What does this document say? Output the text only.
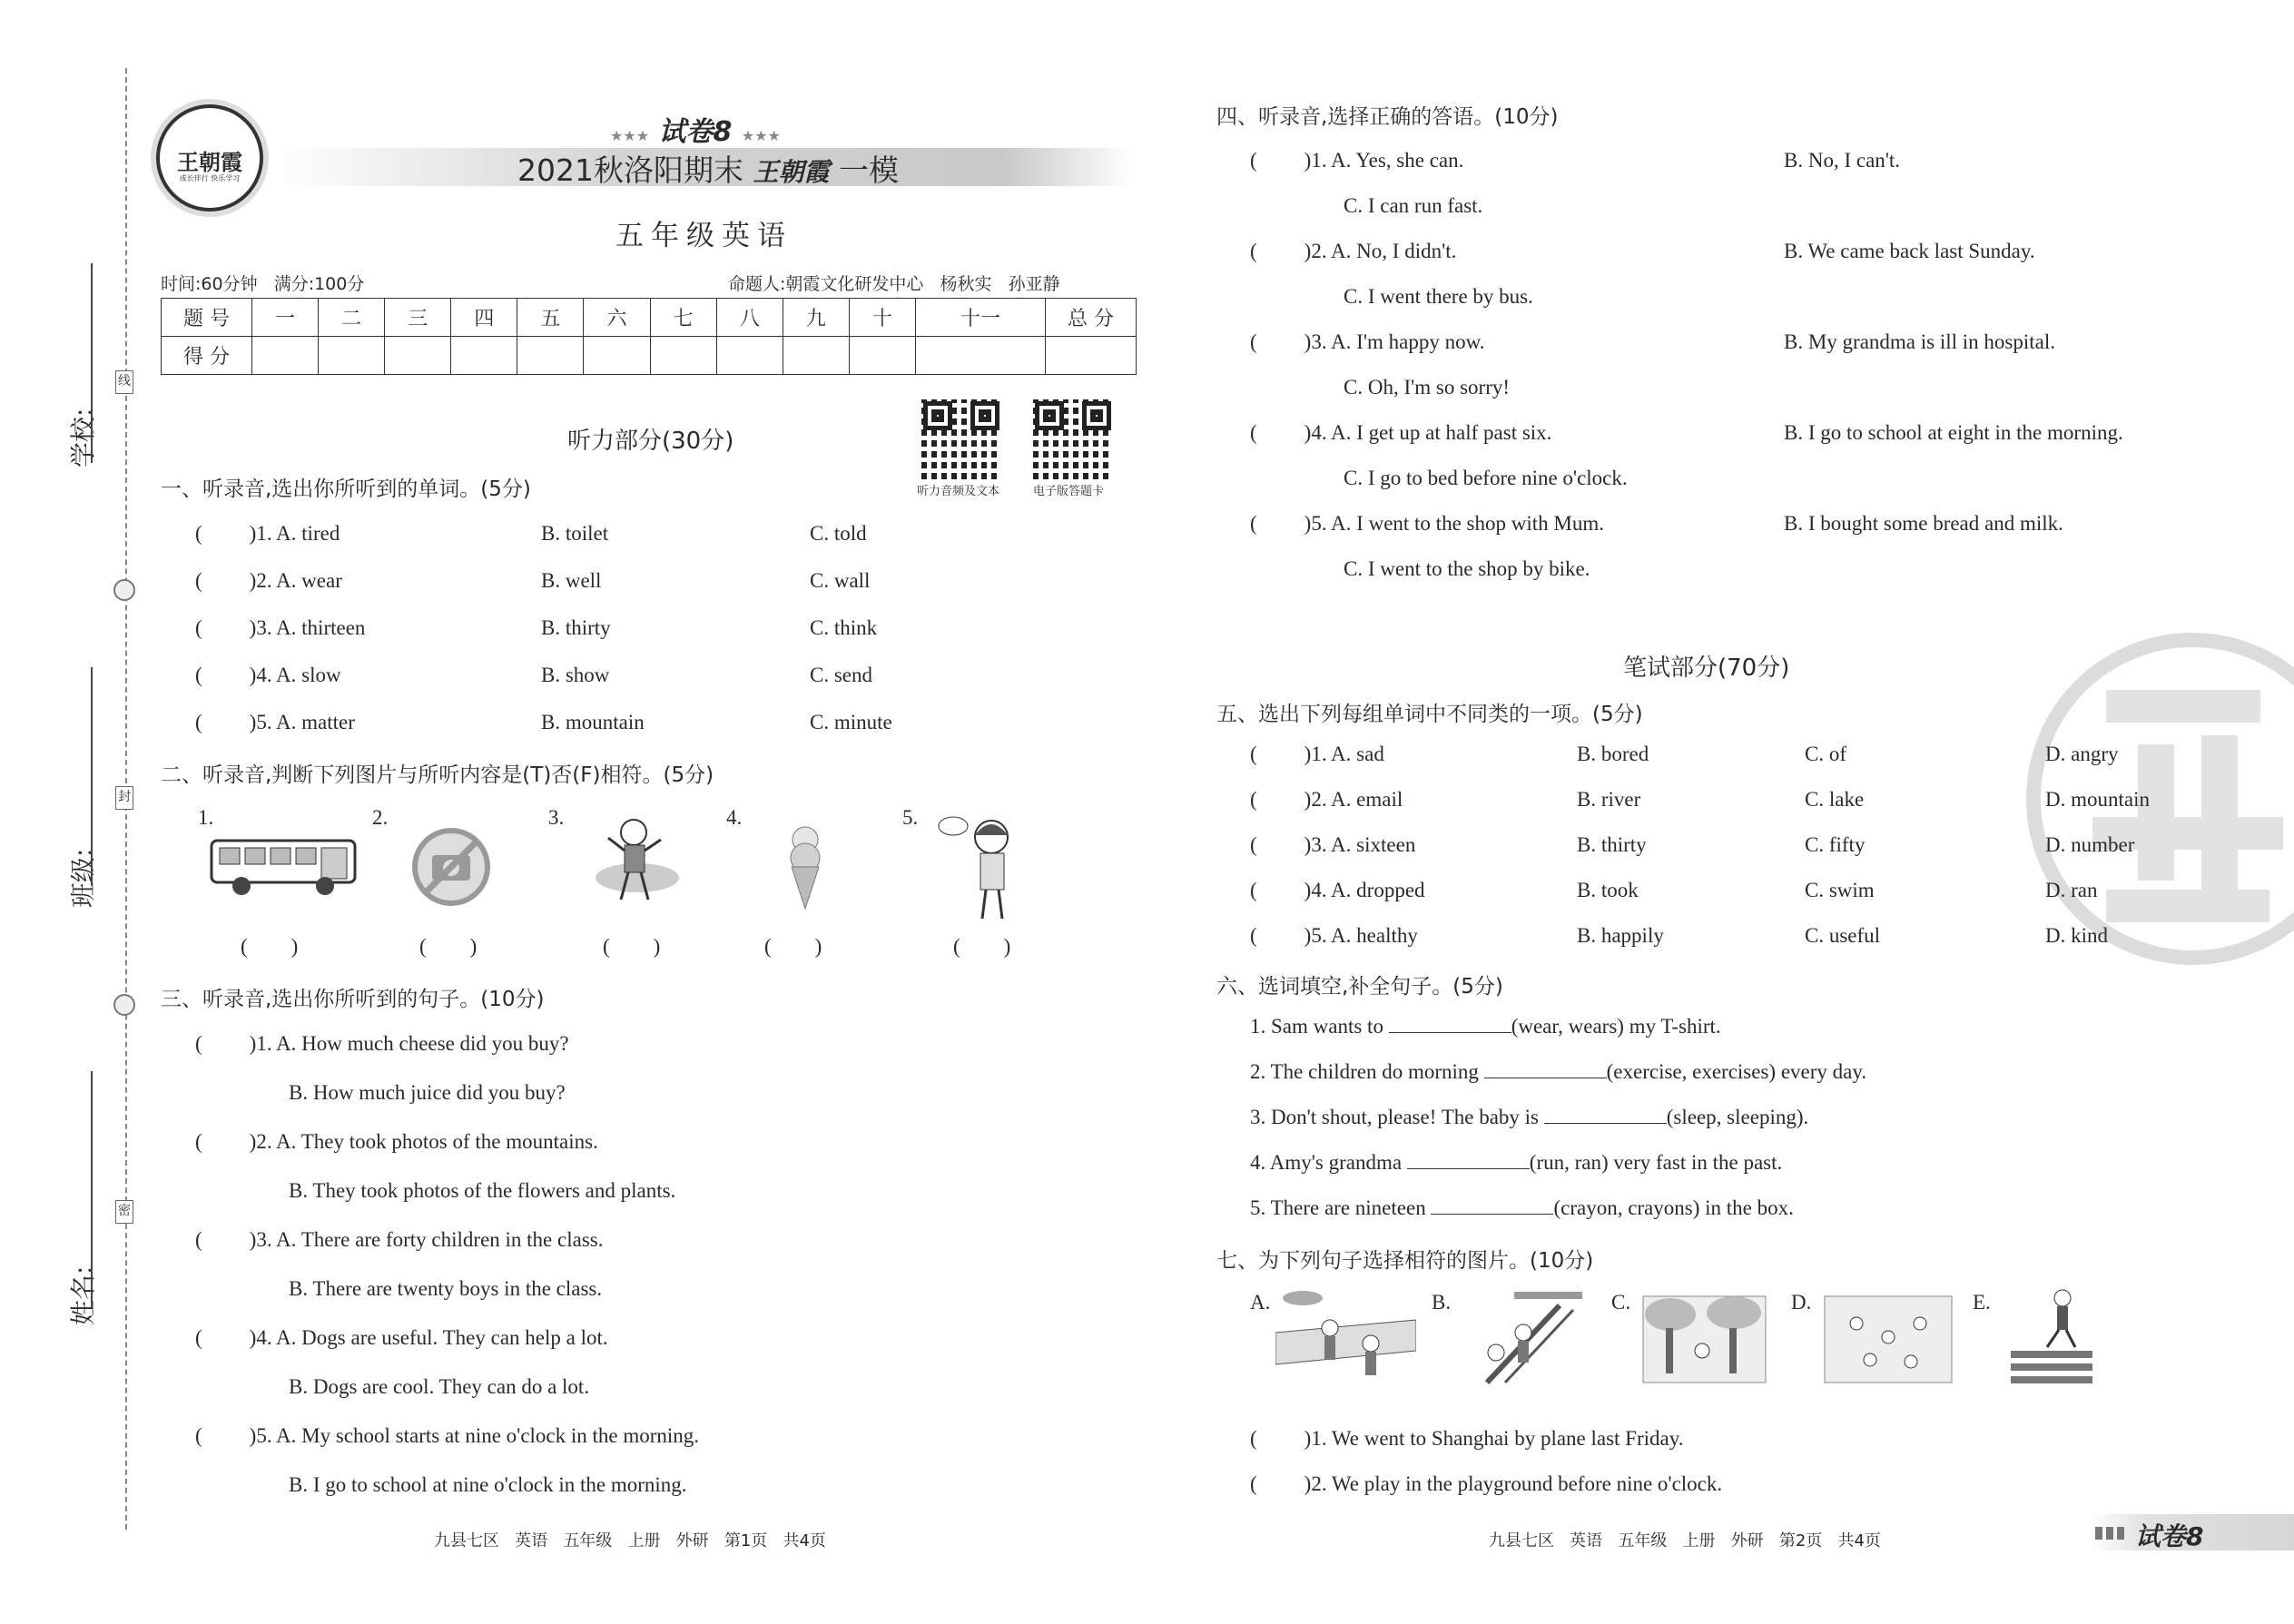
学校:
班级:
姓名:
线
封
密
王朝霞
成长伴行 快乐学习
★★★ 试卷8 ★★★
2021秋洛阳期末 王朝霞 一模
五年级英语
时间:60分钟   满分:100分	命题人:朝霞文化研发中心   杨秋实   孙亚静
题 号	一	二	三	四	五	六	七	八	九	十	十一	总 分
得 分												
听力音频及文本	电子版答题卡
听力部分(30分)
一、听录音,选出你所听到的单词。(5分)
( )1. A. tired	B. toilet	C. told
( )2. A. wear	B. well	C. wall
( )3. A. thirteen	B. thirty	C. think
( )4. A. slow	B. show	C. send
( )5. A. matter	B. mountain	C. minute
二、听录音,判断下列图片与所听内容是(T)否(F)相符。(5分)
1.	2.	3.	4.	5.
( )	( )	( )	( )	( )
三、听录音,选出你所听到的句子。(10分)
( )1. A. How much cheese did you buy?
B. How much juice did you buy?
( )2. A. They took photos of the mountains.
B. They took photos of the flowers and plants.
( )3. A. There are forty children in the class.
B. There are twenty boys in the class.
( )4. A. Dogs are useful. They can help a lot.
B. Dogs are cool. They can do a lot.
( )5. A. My school starts at nine o'clock in the morning.
B. I go to school at nine o'clock in the morning.
九县七区   英语   五年级   上册   外研   第1页   共4页
四、听录音,选择正确的答语。(10分)
( )1. A. Yes, she can.	B. No, I can't.
C. I can run fast.
( )2. A. No, I didn't.	B. We came back last Sunday.
C. I went there by bus.
( )3. A. I'm happy now.	B. My grandma is ill in hospital.
C. Oh, I'm so sorry!
( )4. A. I get up at half past six.	B. I go to school at eight in the morning.
C. I go to bed before nine o'clock.
( )5. A. I went to the shop with Mum.	B. I bought some bread and milk.
C. I went to the shop by bike.
笔试部分(70分)
五、选出下列每组单词中不同类的一项。(5分)
( )1. A. sad	B. bored	C. of	D. angry
( )2. A. email	B. river	C. lake	D. mountain
( )3. A. sixteen	B. thirty	C. fifty	D. number
( )4. A. dropped	B. took	C. swim	D. ran
( )5. A. healthy	B. happily	C. useful	D. kind
六、选词填空,补全句子。(5分)
1. Sam wants to	(wear, wears) my T-shirt.
2. The children do morning	(exercise, exercises) every day.
3. Don't shout, please! The baby is	(sleep, sleeping).
4. Amy's grandma	(run, ran) very fast in the past.
5. There are nineteen	(crayon, crayons) in the box.
七、为下列句子选择相符的图片。(10分)
A.	B.	C.	D.	E.
( )1. We went to Shanghai by plane last Friday.
( )2. We play in the playground before nine o'clock.
九县七区   英语   五年级   上册   外研   第2页   共4页	试卷8
